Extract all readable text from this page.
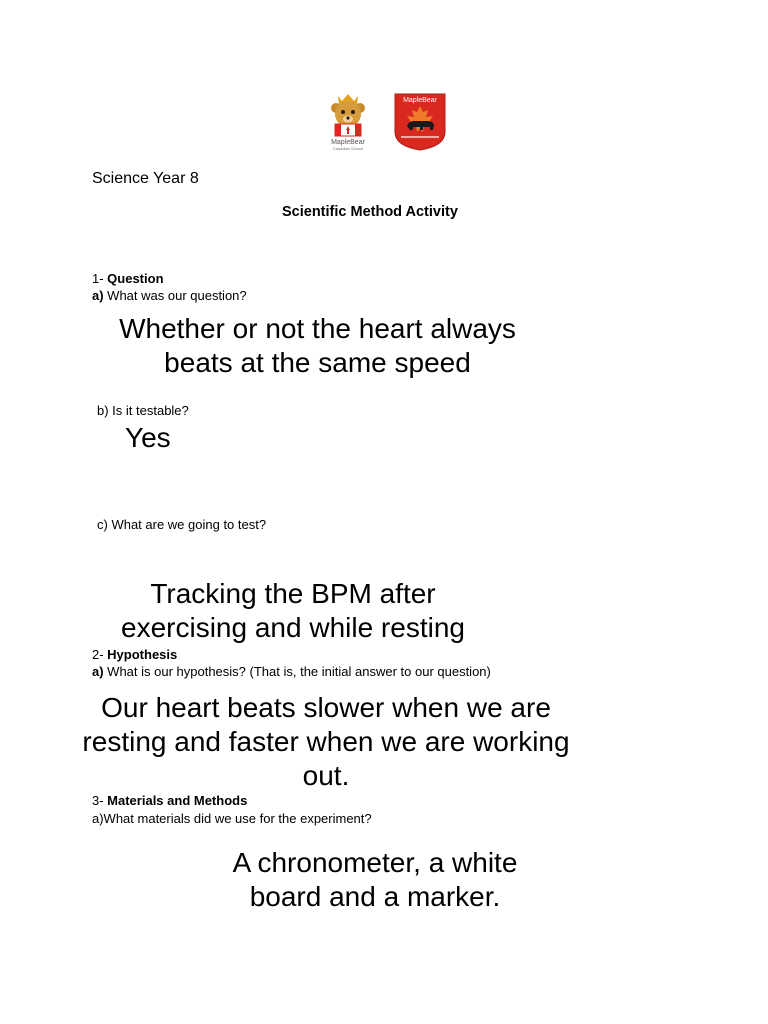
MapleBear
Canadian School
MapleBear
Science Year 8
Scientific Method Activity
1- Question
a) What was our question?
Whether or not the heart always beats at the same speed
b) Is it testable?
Yes
c) What are we going to test?
2- Hypothesis
a) What is our hypothesis? (That is, the initial answer to our question)
Tracking the BPM after exercising and while resting
Our heart beats slower when we are resting and faster when we are working out.
3- Materials and Methods
a)What materials did we use for the experiment?
A chronometer, a white board and a marker.
